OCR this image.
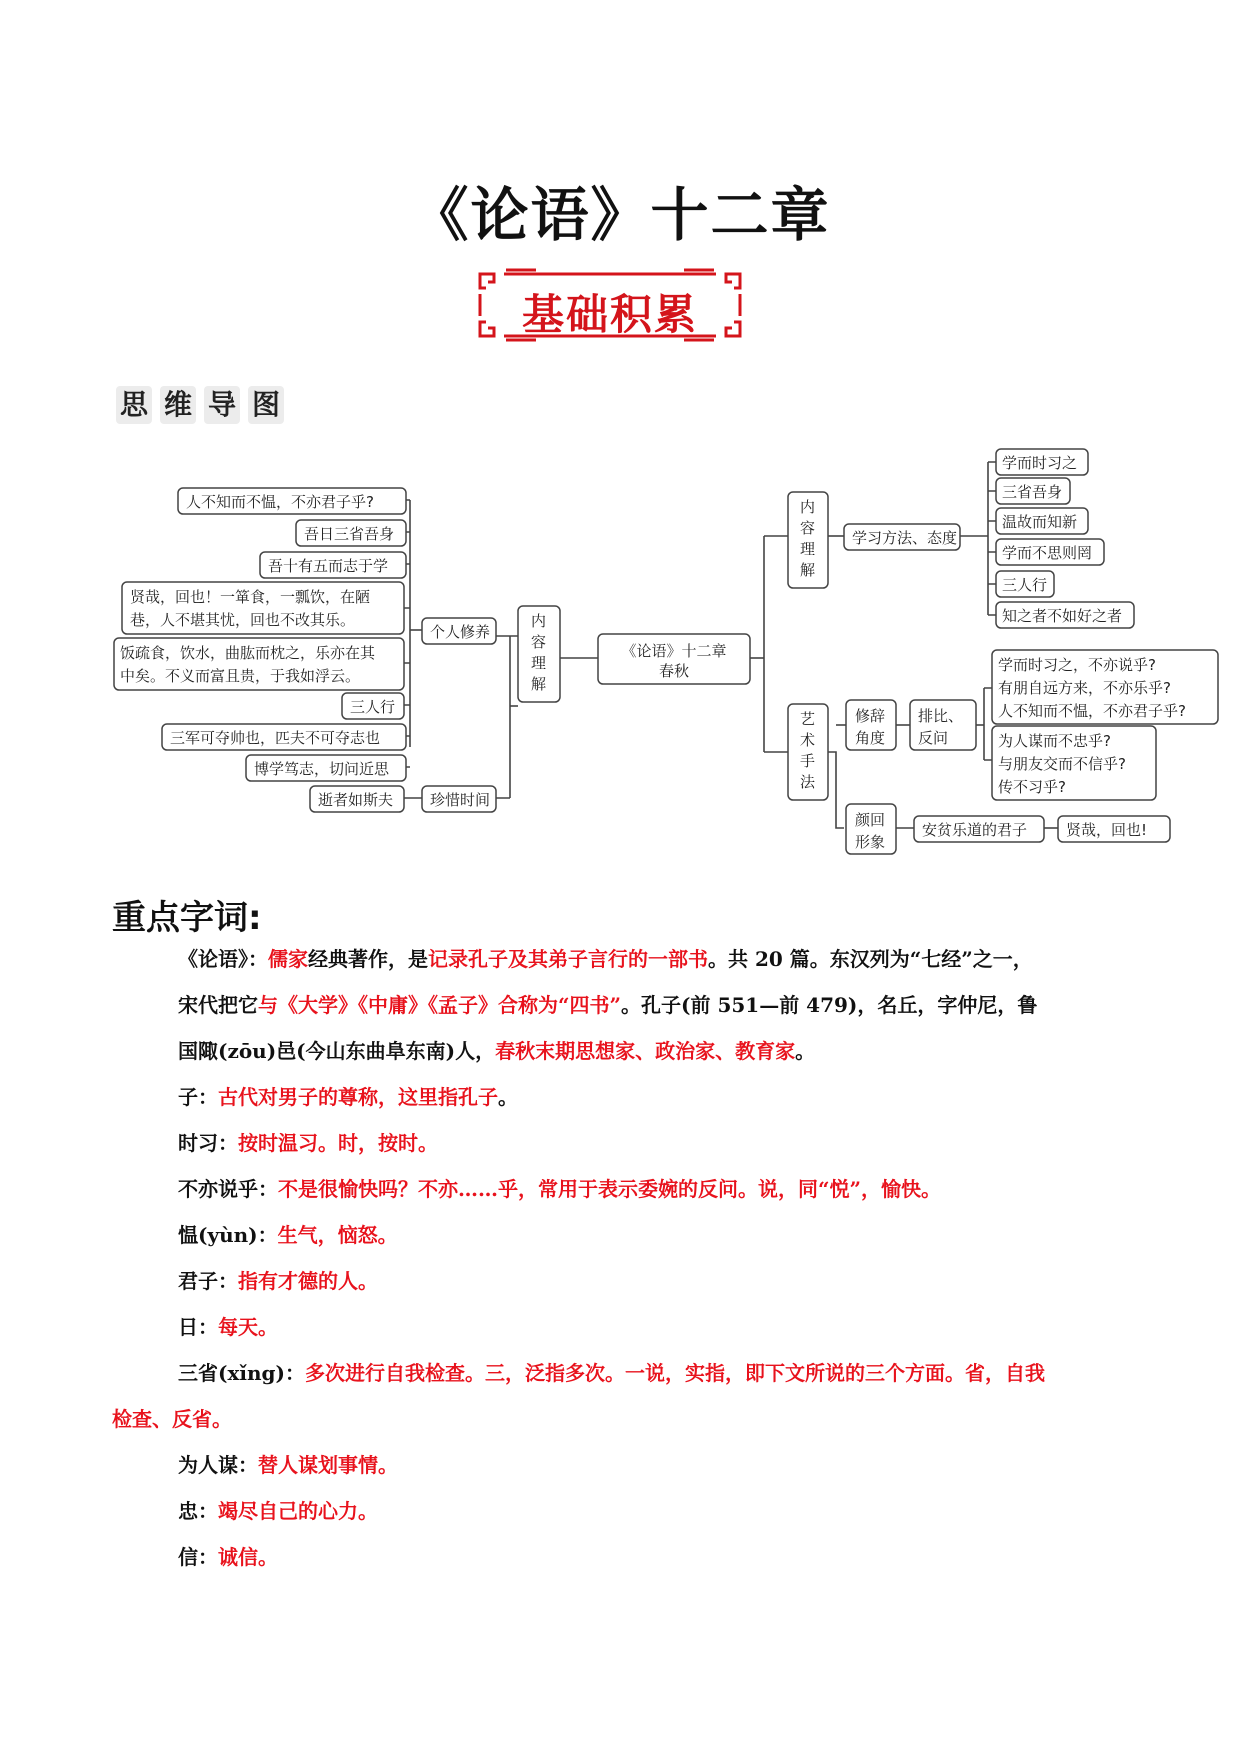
《论语》十二章
基础积累
思 维 导 图
人不知而不愠，不亦君子乎?
吾日三省吾身
吾十有五而志于学
贤哉，回也！一箪食，一瓢饮，在陋
巷，人不堪其忧，回也不改其乐。
饭疏食，饮水，曲肱而枕之，乐亦在其
中矣。不义而富且贵，于我如浮云。
三人行
三军可夺帅也，匹夫不可夺志也
博学笃志，切问近思
逝者如斯夫
个人修养
珍惜时间
内
容
理
解
《论语》十二章
春秋
内
容
理
解
学习方法、态度
学而时习之
三省吾身
温故而知新
学而不思则罔
三人行
知之者不如好之者
艺
术
手
法
修辞
角度
排比、
反问
学而时习之，不亦说乎?
有朋自远方来，不亦乐乎?
人不知而不愠，不亦君子乎?
为人谋而不忠乎?
与朋友交而不信乎?
传不习乎?
颜回
形象
安贫乐道的君子	贤哉，回也!
重点字词:
《论语》：儒家经典著作，是记录孔子及其弟子言行的一部书。共 20 篇。东汉列为“七经”之一，
宋代把它与《大学》《中庸》《孟子》合称为“四书”。孔子(前 551—前 479)，名丘，字仲尼，鲁
国陬(zōu)邑(今山东曲阜东南)人，春秋末期思想家、政治家、教育家。
子：古代对男子的尊称，这里指孔子。
时习：按时温习。时，按时。
不亦说乎：不是很愉快吗？不亦……乎，常用于表示委婉的反问。说，同“悦”，愉快。
愠(yùn)：生气，恼怒。
君子：指有才德的人。
日：每天。
三省(xǐng)：多次进行自我检查。三，泛指多次。一说，实指，即下文所说的三个方面。省，自我
检查、反省。
为人谋：替人谋划事情。
忠：竭尽自己的心力。
信：诚信。
